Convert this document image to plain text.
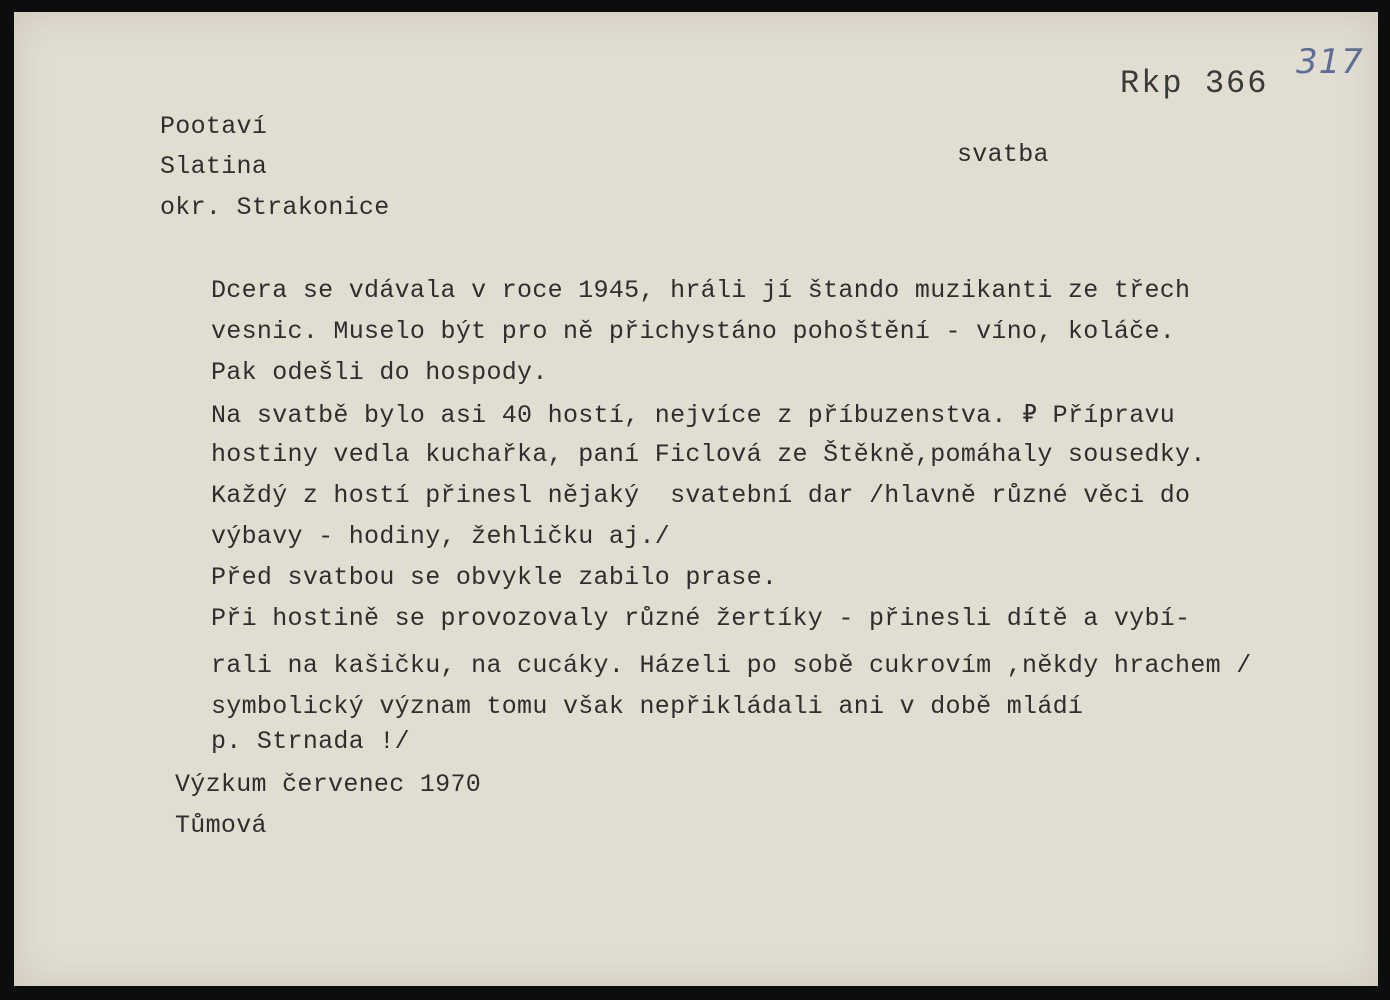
Pootaví

Slatina

okr. Strakonice

svatba

Rkp 366

317

Dcera se vdávala v roce 1945, hráli jí štando muzikanti ze třech

vesnic. Muselo být pro ně přichystáno pohoštění - víno, koláče.

Pak odešli do hospody.

Na svatbě bylo asi 40 hostí, nejvíce z příbuzenstva. ₽ Přípravu

hostiny vedla kuchařka, paní Ficlová ze Štěkně,pomáhaly sousedky.

Každý z hostí přinesl nějaký  svatební dar /hlavně různé věci do

výbavy - hodiny, žehličku aj./

Před svatbou se obvykle zabilo prase.

Při hostině se provozovaly různé žertíky - přinesli dítě a vybí-

rali na kašičku, na cucáky. Házeli po sobě cukrovím ,někdy hrachem / symbolický význam tomu však nepřikládali ani v době mládí

p. Strnada !/

Výzkum červenec 1970

Tůmová
